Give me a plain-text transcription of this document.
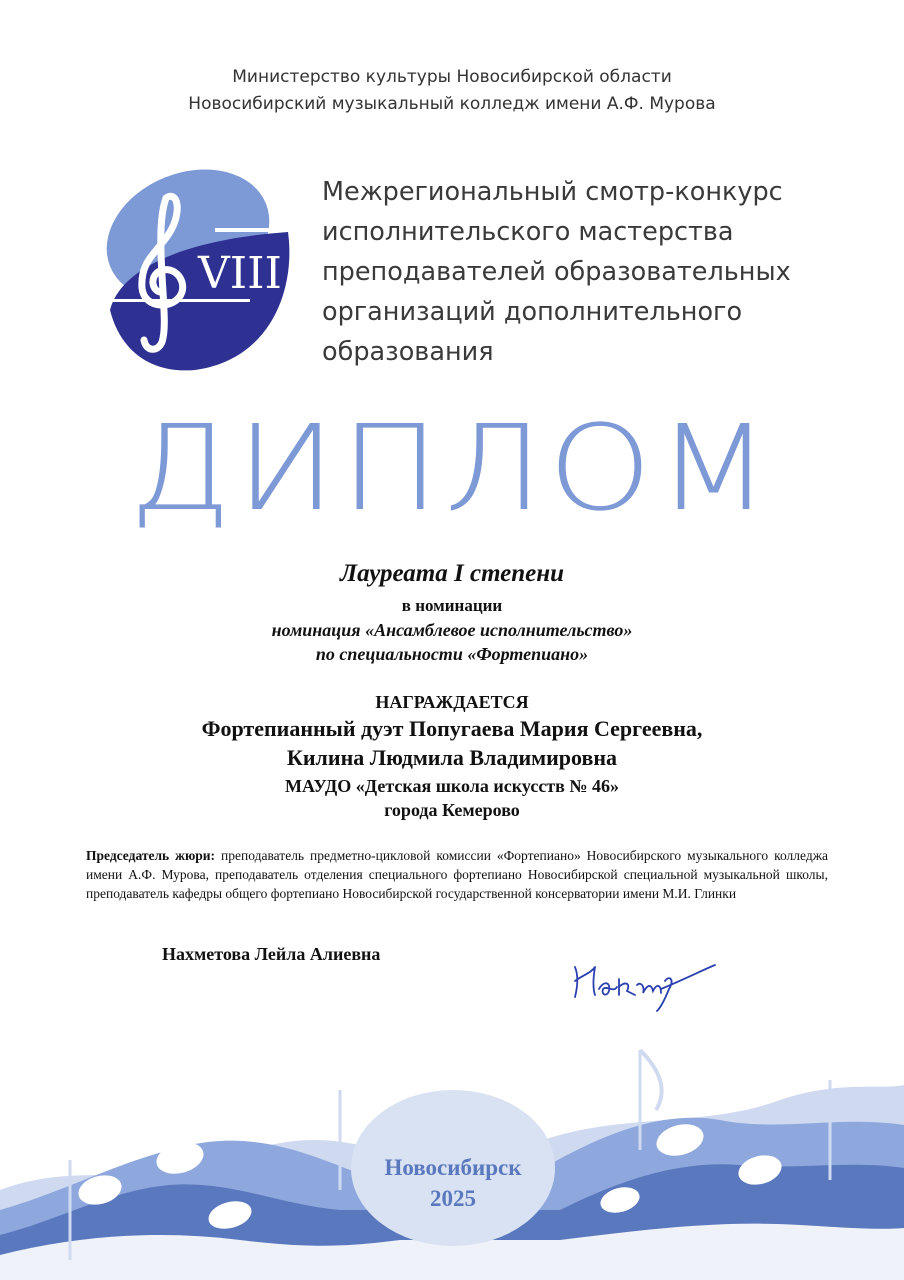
Министерство культуры Новосибирской области
Новосибирский музыкальный колледж имени А.Ф. Мурова
VIII
Межрегиональный смотр-конкурс
исполнительского мастерства
преподавателей образовательных
организаций дополнительного
образования
ДИПЛОМ
Лауреата I степени
в номинации
номинация «Ансамблевое исполнительство»
по специальности «Фортепиано»
НАГРАЖДАЕТСЯ
Фортепианный дуэт Попугаева Мария Сергеевна,
Килина Людмила Владимировна
МАУДО «Детская школа искусств № 46»
города Кемерово
Председатель жюри: преподаватель предметно-цикловой комиссии «Фортепиано» Новосибирского музыкального колледжа имени А.Ф. Мурова, преподаватель отделения специального фортепиано Новосибирской специальной музыкальной школы, преподаватель кафедры общего фортепиано Новосибирской государственной консерватории имени М.И. Глинки
Нахметова Лейла Алиевна
Новосибирск
2025
